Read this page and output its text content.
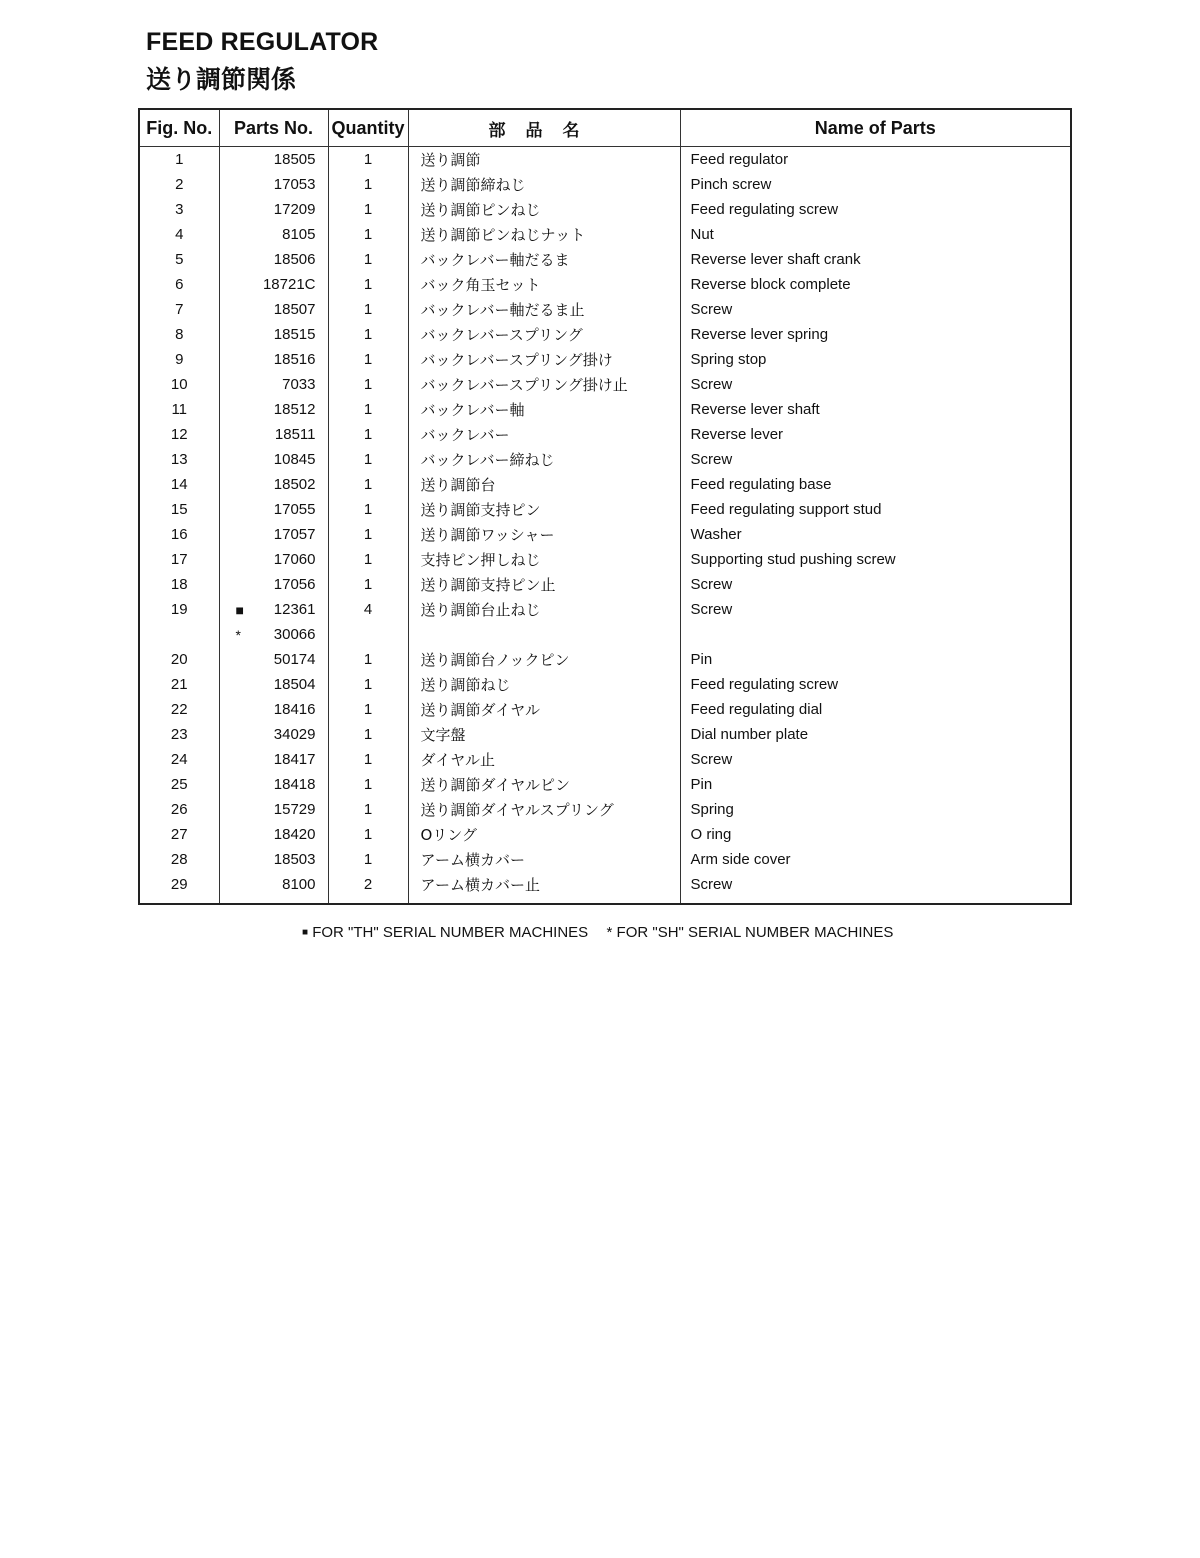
FEED REGULATOR
送り調節関係
Fig. No.	Parts No.	Quantity	部品名	Name of Parts
1	18505	1	送り調節	Feed regulator
2	17053	1	送り調節締ねじ	Pinch screw
3	17209	1	送り調節ピンねじ	Feed regulating screw
4	8105	1	送り調節ピンねじナット	Nut
5	18506	1	バックレバー軸だるま	Reverse lever shaft crank
6	18721C	1	バック角玉セット	Reverse block complete
7	18507	1	バックレバー軸だるま止	Screw
8	18515	1	バックレバースプリング	Reverse lever spring
9	18516	1	バックレバースプリング掛け	Spring stop
10	7033	1	バックレバースプリング掛け止	Screw
11	18512	1	バックレバー軸	Reverse lever shaft
12	18511	1	バックレバー	Reverse lever
13	10845	1	バックレバー締ねじ	Screw
14	18502	1	送り調節台	Feed regulating base
15	17055	1	送り調節支持ピン	Feed regulating support stud
16	17057	1	送り調節ワッシャー	Washer
17	17060	1	支持ピン押しねじ	Supporting stud pushing screw
18	17056	1	送り調節支持ピン止	Screw
19	■ 12361	4	送り調節台止ねじ	Screw

	* 30066			
20	50174	1	送り調節台ノックピン	Pin
21	18504	1	送り調節ねじ	Feed regulating screw
22	18416	1	送り調節ダイヤル	Feed regulating dial
23	34029	1	文字盤	Dial number plate
24	18417	1	ダイヤル止	Screw
25	18418	1	送り調節ダイヤルピン	Pin
26	15729	1	送り調節ダイヤルスプリング	Spring
27	18420	1	Oリング	O ring
28	18503	1	アーム横カバー	Arm side cover
29	8100	2	アーム横カバー止	Screw
■ FOR "TH" SERIAL NUMBER MACHINES * FOR "SH" SERIAL NUMBER MACHINES
